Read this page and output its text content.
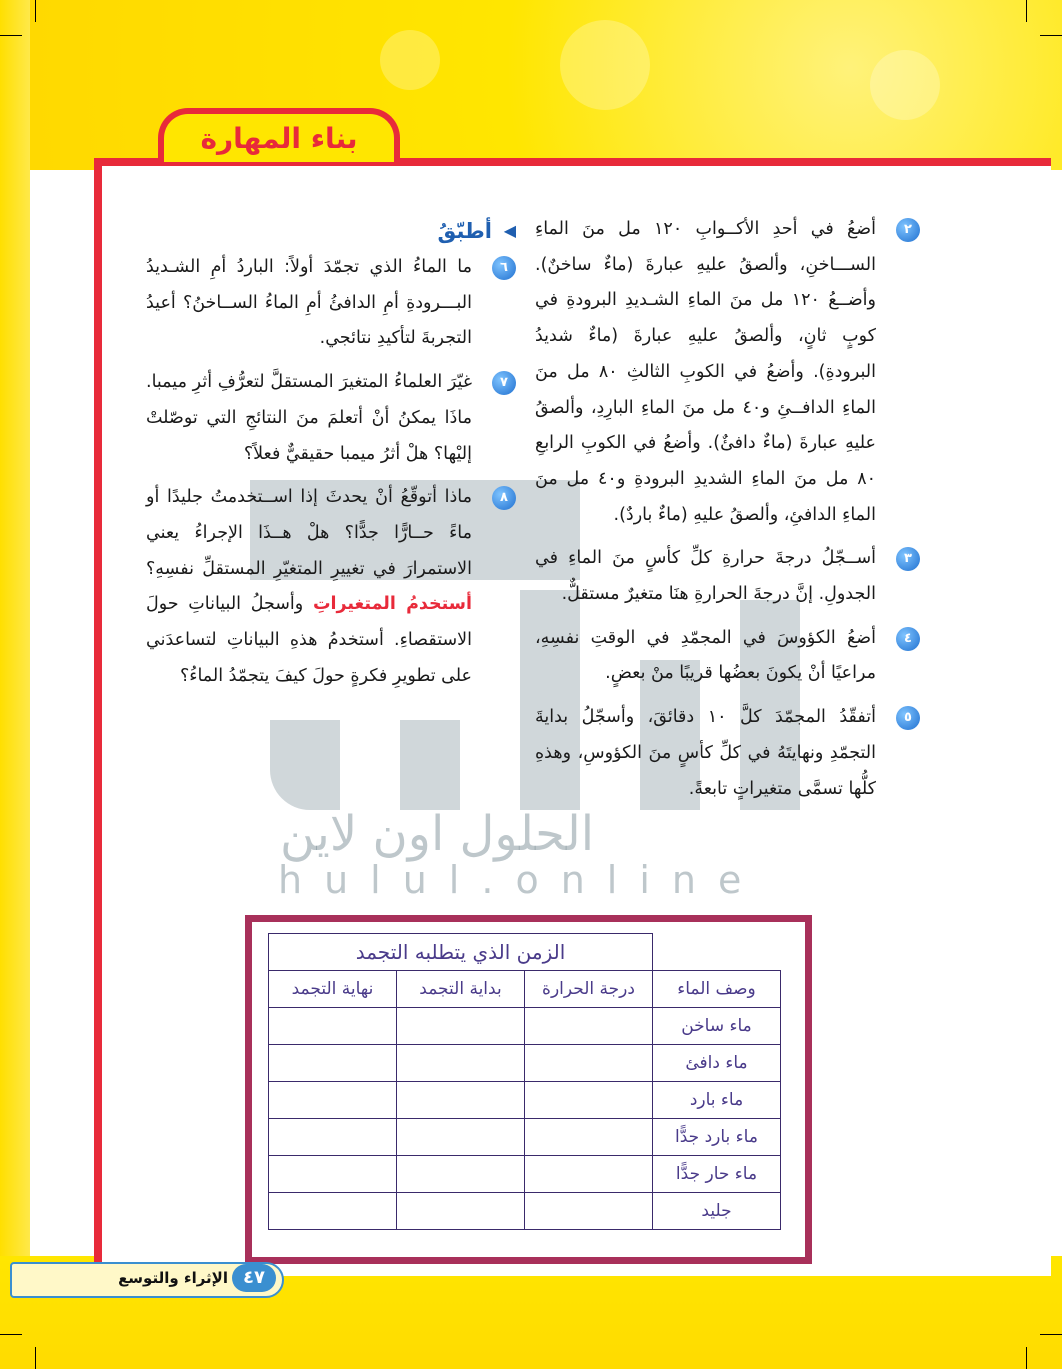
بناء المهارة
الحلول اون لاين
hulul.online
٢
أضعُ في أحدِ الأكــوابِ ١٢٠ مل منَ الماءِ الســـاخنِ، وألصقُ عليهِ عبارةَ (ماءٌ ساخنٌ). وأضــعُ ١٢٠ مل منَ الماءِ الشـديدِ البرودةِ في كوبٍ ثانٍ، وألصقُ عليهِ عبارةَ (ماءٌ شديدُ البرودةِ). وأضعُ في الكوبِ الثالثِ ٨٠ مل منَ الماءِ الدافــئِ و٤٠ مل منَ الماءِ البارِدِ، وألصقُ عليهِ عبارةَ (ماءٌ دافئٌ). وأضعُ في الكوبِ الرابعِ ٨٠ مل منَ الماءِ الشديدِ البرودةِ و٤٠ مل منَ الماءِ الدافئِ، وألصقُ عليهِ (ماءٌ باردٌ).
٣
أســجّلُ درجةَ حرارةِ كلِّ كأسٍ منَ الماءِ في الجدولِ. إنَّ درجةَ الحرارةِ هنَا متغيرٌ مستقلٌّ.
٤
أضعُ الكؤوسَ في المجمّدِ في الوقتِ نفسِهِ، مراعيًا أنْ يكونَ بعضُها قريبًا منْ بعضٍ.
٥
أتفقّدُ المجمّدَ كلَّ ١٠ دقائقَ، وأسجّلُ بدايةَ التجمّدِ ونهايتَهُ في كلِّ كأسٍ منَ الكؤوسِ، وهذهِ كلُّها تسمَّى متغيراتٍ تابعةً.
◀
أطبّقُ
٦
ما الماءُ الذي تجمّدَ أولاً: الباردُ أمِ الشـديدُ البـــرودةِ أمِ الدافئُ أمِ الماءُ الســاخنُ؟ أعيدُ التجربةَ لتأكيدِ نتائجي.
٧
غيّرَ العلماءُ المتغيرَ المستقلَّ لتعرُّفِ أثرِ ميمبا. ماذَا يمكنُ أنْ أتعلمَ منَ النتائجِ التي توصّلتْ إليْها؟ هلْ أثرُ ميمبا حقيقيٌّ فعلاً؟
٨
ماذا أتوقّعُ أنْ يحدثَ إذا اســتخدمتُ جليدًا أو ماءً حــارًّا جدًّا؟ هلْ هــذَا الإجراءُ يعني الاستمرارَ في تغييرِ المتغيّرِ المستقلِّ نفسِهِ؟ أستخدمُ المتغيراتِ وأسجلُ البياناتِ حولَ الاستقصاءِ. أستخدمُ هذهِ البياناتِ لتساعدَني على تطويرِ فكرةٍ حولَ كيفَ يتجمّدُ الماءُ؟
	الزمن الذي يتطلبه التجمد		
وصف الماء	درجة الحرارة	بداية التجمد	نهاية التجمد
ماء ساخن			
ماء دافئ			
ماء بارد			
ماء بارد جدًّا			
ماء حار جدًّا			
جليد			
٤٧
الإثراء والتوسع
